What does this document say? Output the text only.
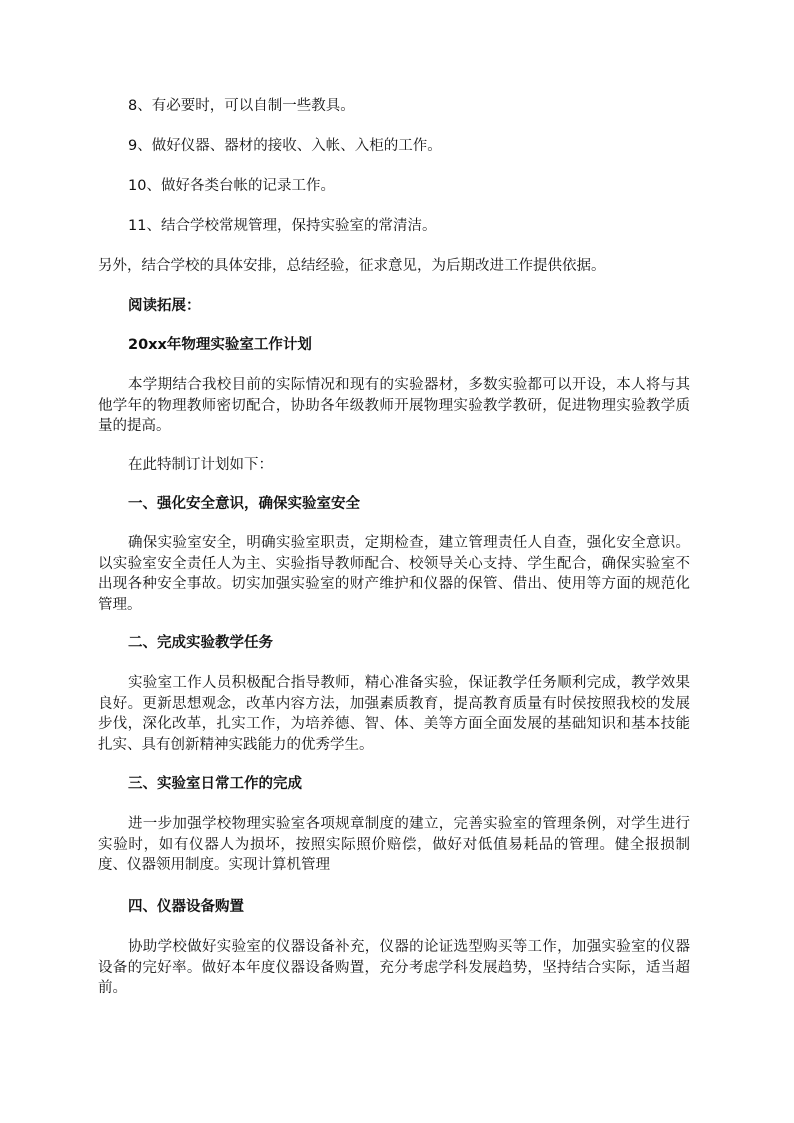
8、有必要时，可以自制一些教具。
9、做好仪器、器材的接收、入帐、入柜的工作。
10、做好各类台帐的记录工作。
11、结合学校常规管理，保持实验室的常清洁。
另外，结合学校的具体安排，总结经验，征求意见，为后期改进工作提供依据。
阅读拓展：
20xx年物理实验室工作计划
本学期结合我校目前的实际情况和现有的实验器材，多数实验都可以开设，本人将与其他学年的物理教师密切配合，协助各年级教师开展物理实验教学教研，促进物理实验教学质量的提高。
在此特制订计划如下：
一、强化安全意识，确保实验室安全
确保实验室安全，明确实验室职责，定期检查，建立管理责任人自查，强化安全意识。以实验室安全责任人为主、实验指导教师配合、校领导关心支持、学生配合，确保实验室不出现各种安全事故。切实加强实验室的财产维护和仪器的保管、借出、使用等方面的规范化管理。
二、完成实验教学任务
实验室工作人员积极配合指导教师，精心准备实验，保证教学任务顺利完成，教学效果良好。更新思想观念，改革内容方法，加强素质教育，提高教育质量有时侯按照我校的发展步伐，深化改革，扎实工作，为培养德、智、体、美等方面全面发展的基础知识和基本技能扎实、具有创新精神实践能力的优秀学生。
三、实验室日常工作的完成
进一步加强学校物理实验室各项规章制度的建立，完善实验室的管理条例，对学生进行实验时，如有仪器人为损坏，按照实际照价赔偿，做好对低值易耗品的管理。健全报损制度、仪器领用制度。实现计算机管理
四、仪器设备购置
协助学校做好实验室的仪器设备补充，仪器的论证选型购买等工作，加强实验室的仪器设备的完好率。做好本年度仪器设备购置，充分考虑学科发展趋势，坚持结合实际，适当超前。
